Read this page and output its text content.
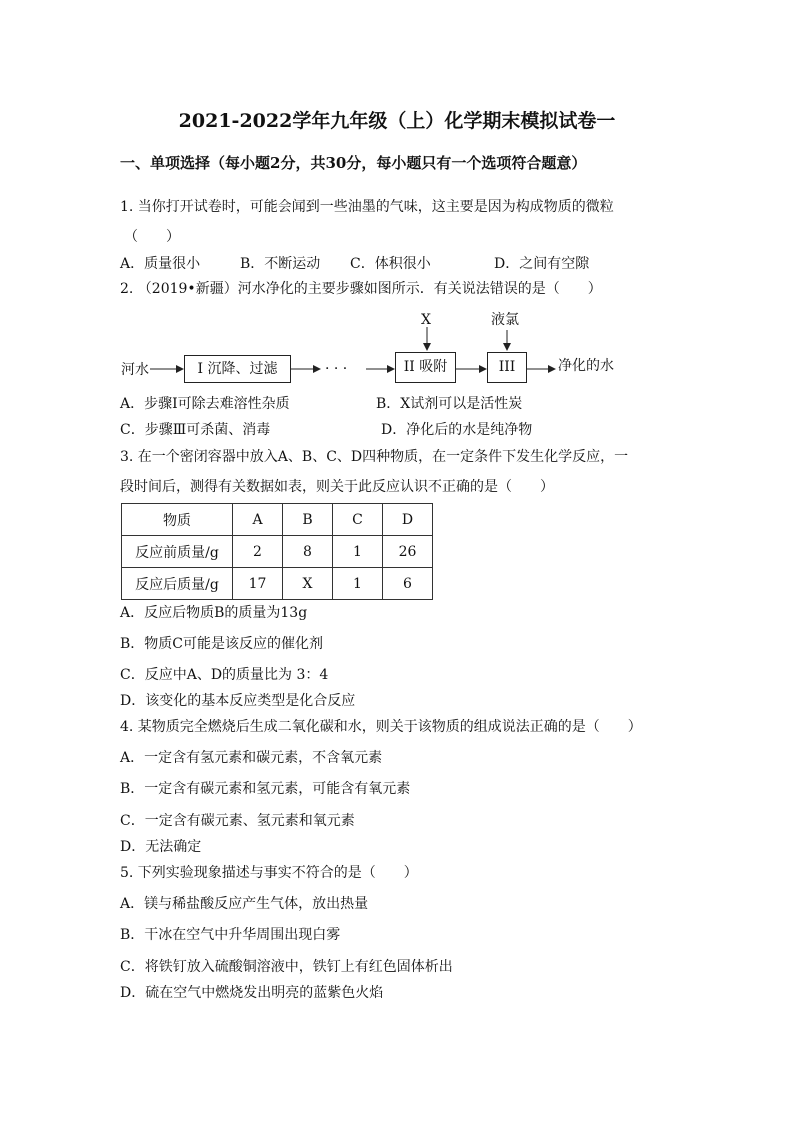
2021-2022学年九年级（上）化学期末模拟试卷一
一、单项选择（每小题2分，共30分，每小题只有一个选项符合题意）
1. 当你打开试卷时，可能会闻到一些油墨的气味，这主要是因为构成物质的微粒
（　　）
A．质量很小	B．不断运动 C．体积很小	D．之间有空隙
2. （2019•新疆）河水净化的主要步骤如图所示．有关说法错误的是（　　）
河水	I 沉降、过滤	· · ·
X
II 吸附
液氯
III	净化的水
A．步骤Ⅰ可除去难溶性杂质	B．X试剂可以是活性炭
C．步骤Ⅲ可杀菌、消毒	D．净化后的水是纯净物
3. 在一个密闭容器中放入A、B、C、D四种物质，在一定条件下发生化学反应，一
段时间后，测得有关数据如表，则关于此反应认识不正确的是（　　）
物质	A	B	C	D
反应前质量/g	2	8	1	26
反应后质量/g	17	X	1	6
A．反应后物质B的质量为13g
B．物质C可能是该反应的催化剂
C．反应中A、D的质量比为 3：4
D．该变化的基本反应类型是化合反应
4. 某物质完全燃烧后生成二氧化碳和水，则关于该物质的组成说法正确的是（　　）
A．一定含有氢元素和碳元素，不含氧元素
B．一定含有碳元素和氢元素，可能含有氧元素
C．一定含有碳元素、氢元素和氧元素
D．无法确定
5. 下列实验现象描述与事实不符合的是（　　）
A．镁与稀盐酸反应产生气体，放出热量
B．干冰在空气中升华周围出现白雾
C．将铁钉放入硫酸铜溶液中，铁钉上有红色固体析出
D．硫在空气中燃烧发出明亮的蓝紫色火焰
